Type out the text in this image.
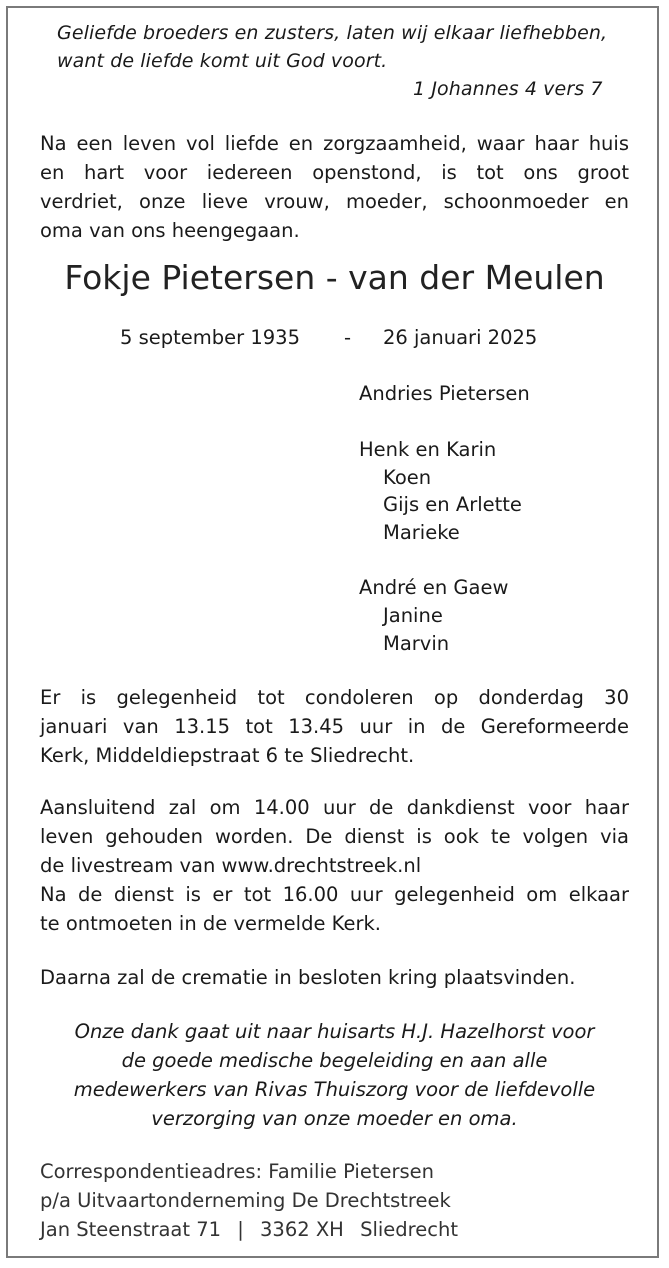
Geliefde broeders en zusters, laten wij elkaar liefhebben,
want de liefde komt uit God voort.
1 Johannes 4 vers 7
Na een leven vol liefde en zorgzaamheid, waar haar huis
en hart voor iedereen openstond, is tot ons groot
verdriet, onze lieve vrouw, moeder, schoonmoeder en
oma van ons heengegaan.
Fokje Pietersen - van der Meulen
5 september 1935 - 26 januari 2025
Andries Pietersen
Henk en Karin
Koen
Gijs en Arlette
Marieke
André en Gaew
Janine
Marvin
Er is gelegenheid tot condoleren op donderdag 30
januari van 13.15 tot 13.45 uur in de Gereformeerde
Kerk, Middeldiepstraat 6 te Sliedrecht.
Aansluitend zal om 14.00 uur de dankdienst voor haar
leven gehouden worden. De dienst is ook te volgen via
de livestream van www.drechtstreek.nl
Na de dienst is er tot 16.00 uur gelegenheid om elkaar
te ontmoeten in de vermelde Kerk.
Daarna zal de crematie in besloten kring plaatsvinden.
Onze dank gaat uit naar huisarts H.J. Hazelhorst voor
de goede medische begeleiding en aan alle
medewerkers van Rivas Thuiszorg voor de liefdevolle
verzorging van onze moeder en oma.
Correspondentieadres: Familie Pietersen
p/a Uitvaartonderneming De Drechtstreek
Jan Steenstraat 71 | 3362 XH Sliedrecht
